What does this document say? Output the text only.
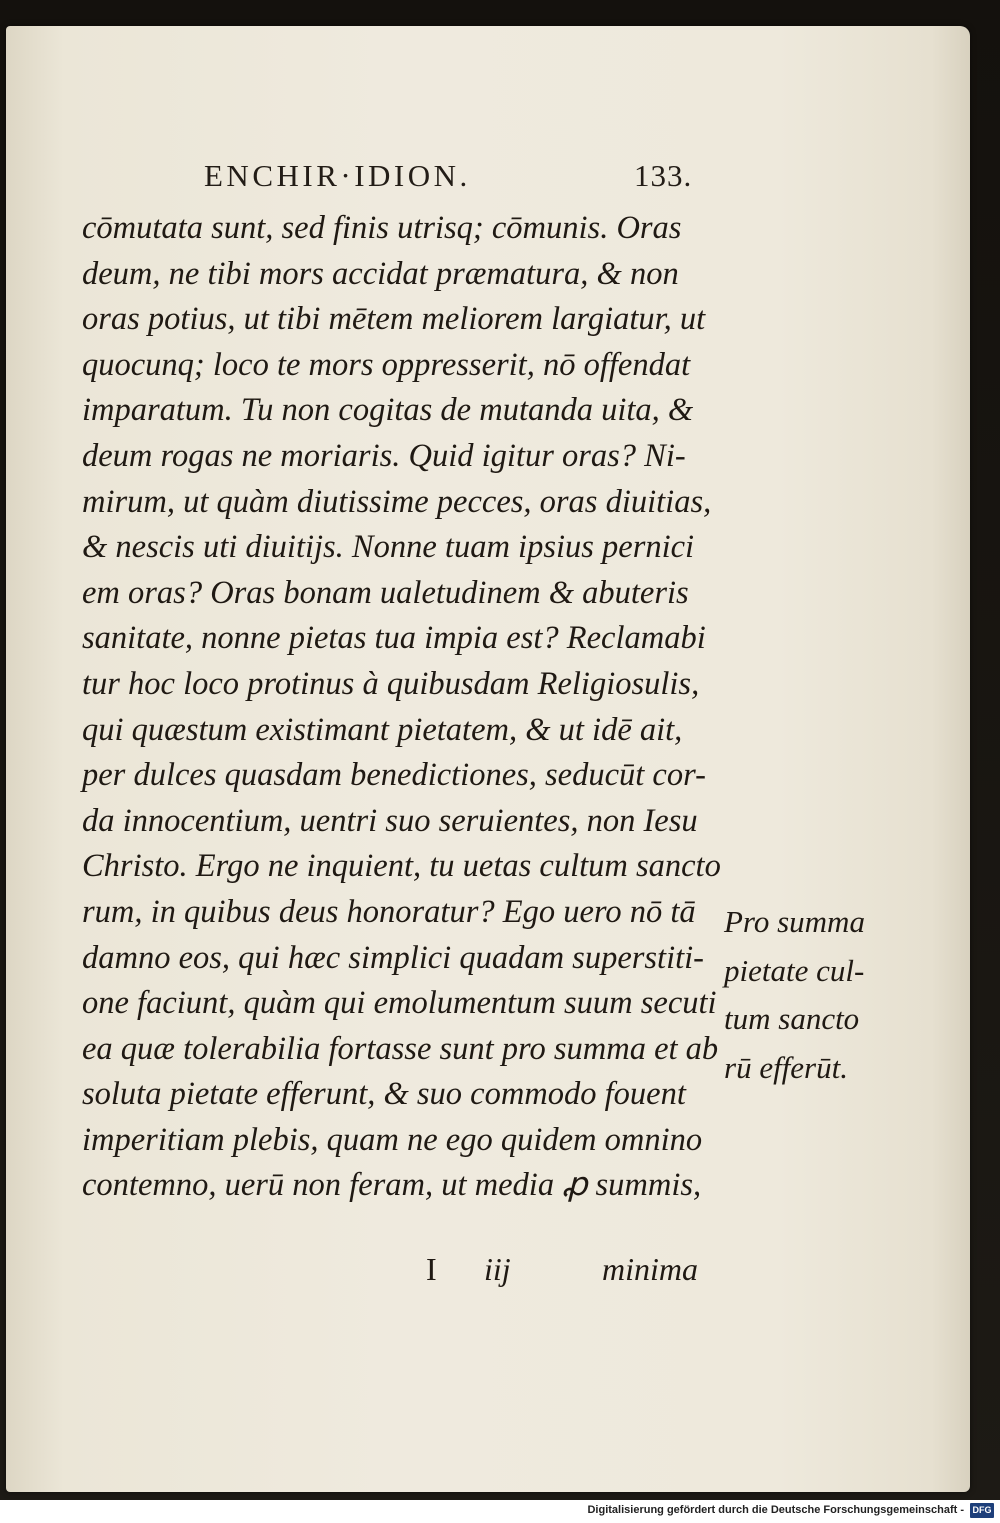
ENCHIR·IDION.	133.
cōmutata sunt, sed finis utrisq; cōmunis. Oras
deum, ne tibi mors accidat præmatura, & non
oras potius, ut tibi mētem meliorem largiatur, ut
quocunq; loco te mors oppresserit, nō offendat
imparatum. Tu non cogitas de mutanda uita, &
deum rogas ne moriaris. Quid igitur oras? Ni-
mirum, ut quàm diutissime pecces, oras diuitias,
& nescis uti diuitijs. Nonne tuam ipsius pernici
em oras? Oras bonam ualetudinem & abuteris
sanitate, nonne pietas tua impia est? Reclamabi
tur hoc loco protinus à quibusdam Religiosulis,
qui quæstum existimant pietatem, & ut idē ait,
per dulces quasdam benedictiones, seducūt cor-
da innocentium, uentri suo seruientes, non Iesu
Christo. Ergo ne inquient, tu uetas cultum sancto
rum, in quibus deus honoratur? Ego uero nō tā
damno eos, qui hæc simplici quadam superstiti-
one faciunt, quàm qui emolumentum suum secuti
ea quæ tolerabilia fortasse sunt pro summa et ab
soluta pietate efferunt, & suo commodo fouent
imperitiam plebis, quam ne ego quidem omnino
contemno, uerū non feram, ut media ꝓ summis,
Pro summa
pietate cul-
tum sancto
rū efferūt.
I iij	minima
Digitalisierung gefördert durch die Deutsche Forschungsgemeinschaft - DFG
